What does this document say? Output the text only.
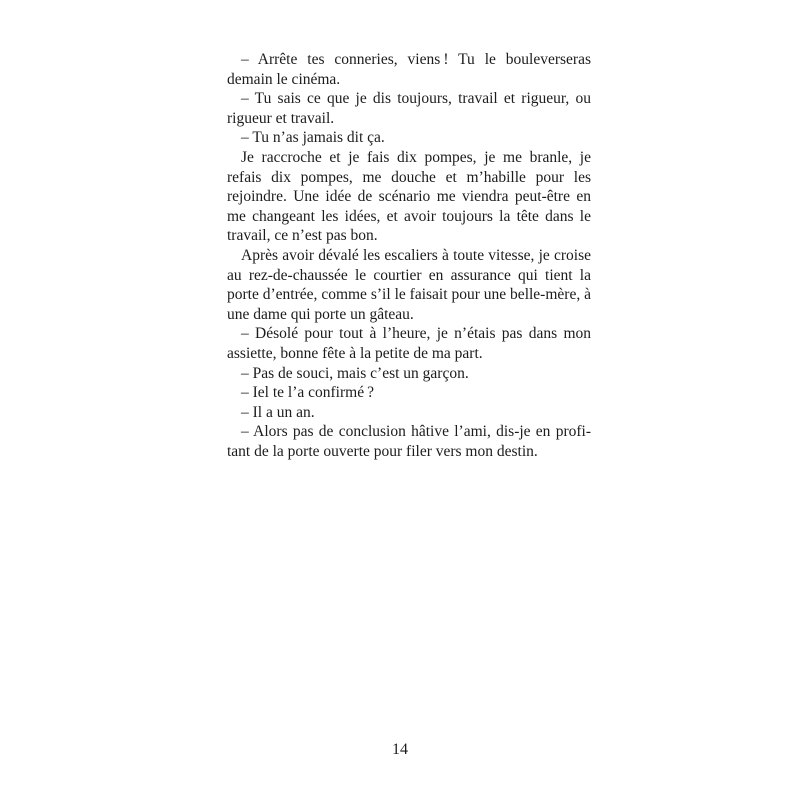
– Arrête tes conneries, viens ! Tu le bouleverseras demain le cinéma.

– Tu sais ce que je dis toujours, travail et rigueur, ou rigueur et travail.

– Tu n’as jamais dit ça.

Je raccroche et je fais dix pompes, je me branle, je refais dix pompes, me douche et m’habille pour les rejoindre. Une idée de scénario me viendra peut-être en me changeant les idées, et avoir toujours la tête dans le travail, ce n’est pas bon.

Après avoir dévalé les escaliers à toute vitesse, je croise au rez-de-chaussée le courtier en assurance qui tient la porte d’entrée, comme s’il le faisait pour une belle-mère, à une dame qui porte un gâteau.

– Désolé pour tout à l’heure, je n’étais pas dans mon assiette, bonne fête à la petite de ma part.

– Pas de souci, mais c’est un garçon.

– Iel te l’a confirmé ?

– Il a un an.

– Alors pas de conclusion hâtive l’ami, dis-je en profitant de la porte ouverte pour filer vers mon destin.

14
